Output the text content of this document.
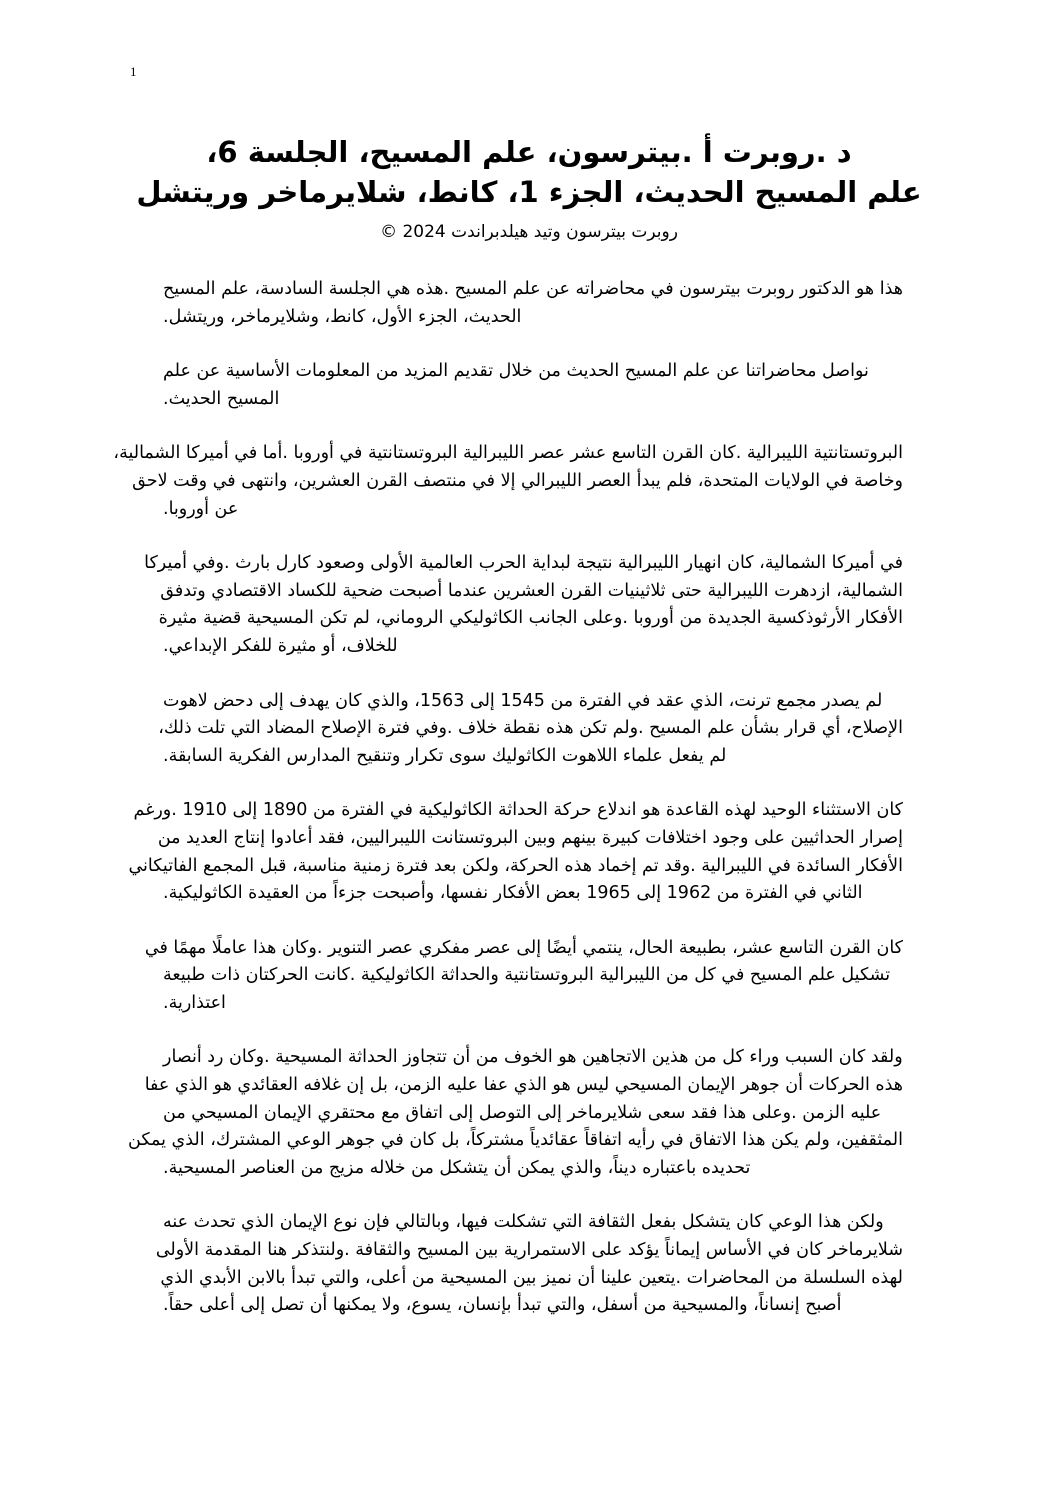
1
د .روبرت أ .بيترسون، علم المسيح، الجلسة 6،
علم المسيح الحديث، الجزء 1، كانط، شلايرماخر وريتشل
روبرت بيترسون وتيد هيلدبراندت 2024 ©
هذا هو الدكتور روبرت بيترسون في محاضراته عن علم المسيح .هذه هي الجلسة السادسة، علم المسيح
الحديث، الجزء الأول، كانط، وشلايرماخر، وريتشل.
نواصل محاضراتنا عن علم المسيح الحديث من خلال تقديم المزيد من المعلومات الأساسية عن علم
المسيح الحديث.
البروتستانتية الليبرالية .كان القرن التاسع عشر عصر الليبرالية البروتستانتية في أوروبا .أما في أميركا الشمالية،
وخاصة في الولايات المتحدة، فلم يبدأ العصر الليبرالي إلا في منتصف القرن العشرين، وانتهى في وقت لاحق
عن أوروبا.
في أميركا الشمالية، كان انهيار الليبرالية نتيجة لبداية الحرب العالمية الأولى وصعود كارل بارث .وفي أميركا
الشمالية، ازدهرت الليبرالية حتى ثلاثينيات القرن العشرين عندما أصبحت ضحية للكساد الاقتصادي وتدفق
الأفكار الأرثوذكسية الجديدة من أوروبا .وعلى الجانب الكاثوليكي الروماني، لم تكن المسيحية قضية مثيرة
للخلاف، أو مثيرة للفكر الإبداعي.
لم يصدر مجمع ترنت، الذي عقد في الفترة من 1545 إلى 1563، والذي كان يهدف إلى دحض لاهوت
الإصلاح، أي قرار بشأن علم المسيح .ولم تكن هذه نقطة خلاف .وفي فترة الإصلاح المضاد التي تلت ذلك،
لم يفعل علماء اللاهوت الكاثوليك سوى تكرار وتنقيح المدارس الفكرية السابقة.
كان الاستثناء الوحيد لهذه القاعدة هو اندلاع حركة الحداثة الكاثوليكية في الفترة من 1890 إلى 1910 .ورغم
إصرار الحداثيين على وجود اختلافات كبيرة بينهم وبين البروتستانت الليبراليين، فقد أعادوا إنتاج العديد من
الأفكار السائدة في الليبرالية .وقد تم إخماد هذه الحركة، ولكن بعد فترة زمنية مناسبة، قبل المجمع الفاتيكاني
الثاني في الفترة من 1962 إلى 1965 بعض الأفكار نفسها، وأصبحت جزءاً من العقيدة الكاثوليكية.
كان القرن التاسع عشر، بطبيعة الحال، ينتمي أيضًا إلى عصر مفكري عصر التنوير .وكان هذا عاملًا مهمًا في
تشكيل علم المسيح في كل من الليبرالية البروتستانتية والحداثة الكاثوليكية .كانت الحركتان ذات طبيعة
اعتذارية.
ولقد كان السبب وراء كل من هذين الاتجاهين هو الخوف من أن تتجاوز الحداثة المسيحية .وكان رد أنصار
هذه الحركات أن جوهر الإيمان المسيحي ليس هو الذي عفا عليه الزمن، بل إن غلافه العقائدي هو الذي عفا
عليه الزمن .وعلى هذا فقد سعى شلايرماخر إلى التوصل إلى اتفاق مع محتقري الإيمان المسيحي من
المثقفين، ولم يكن هذا الاتفاق في رأيه اتفاقاً عقائدياً مشتركاً، بل كان في جوهر الوعي المشترك، الذي يمكن
تحديده باعتباره ديناً، والذي يمكن أن يتشكل من خلاله مزيج من العناصر المسيحية.
ولكن هذا الوعي كان يتشكل بفعل الثقافة التي تشكلت فيها، وبالتالي فإن نوع الإيمان الذي تحدث عنه
شلايرماخر كان في الأساس إيماناً يؤكد على الاستمرارية بين المسيح والثقافة .ولنتذكر هنا المقدمة الأولى
لهذه السلسلة من المحاضرات .يتعين علينا أن نميز بين المسيحية من أعلى، والتي تبدأ بالابن الأبدي الذي
أصبح إنساناً، والمسيحية من أسفل، والتي تبدأ بإنسان، يسوع، ولا يمكنها أن تصل إلى أعلى حقاً.
